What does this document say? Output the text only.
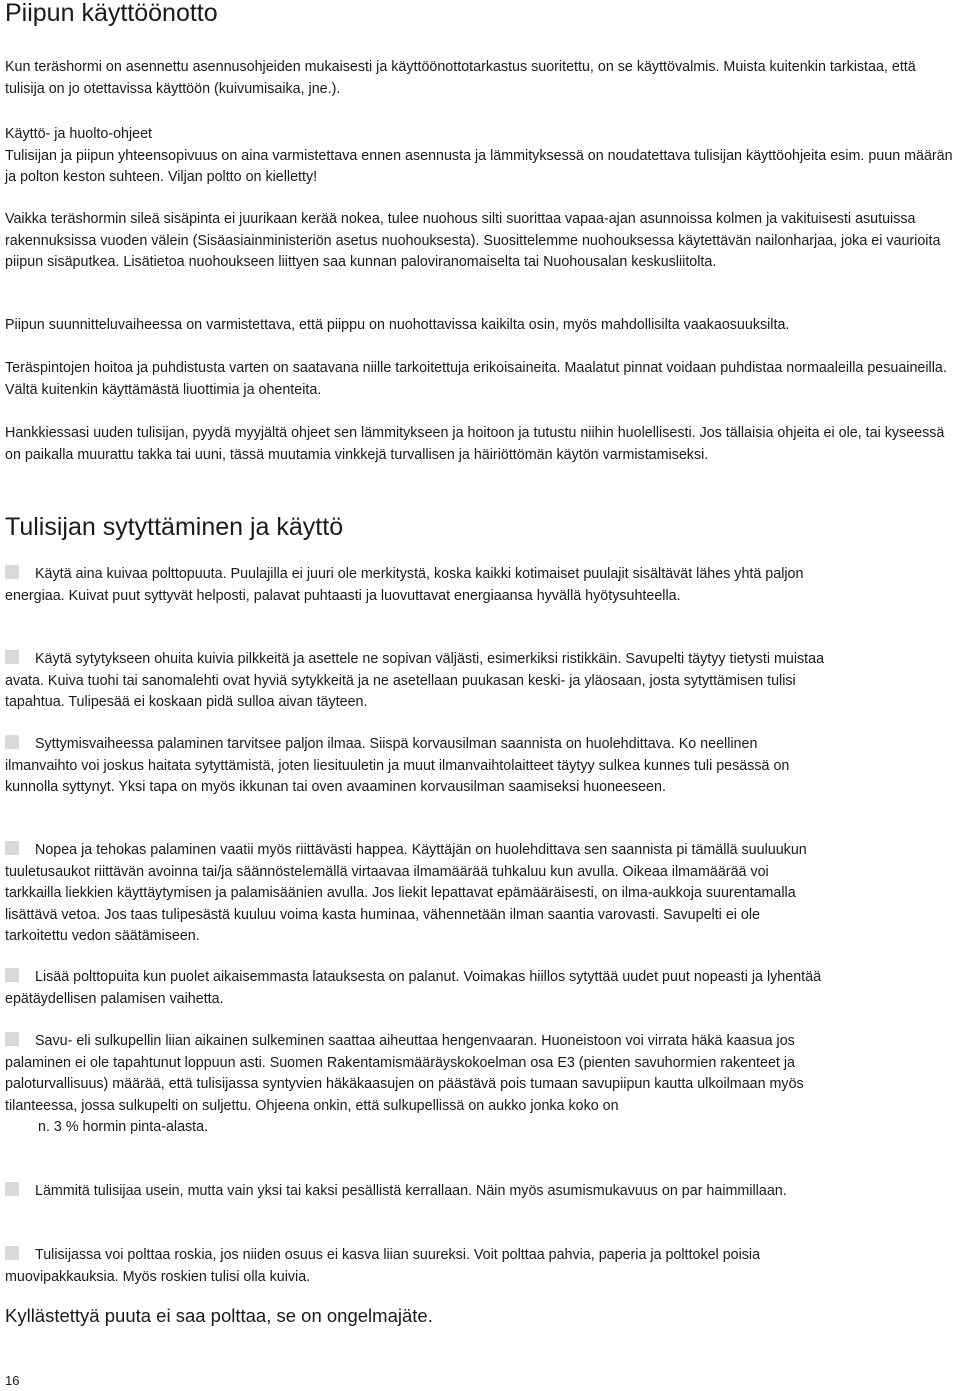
Piipun käyttöönotto

Kun teräshormi on asennettu asennusohjeiden mukaisesti ja käyttöönottotarkastus suoritettu, on se käyttövalmis. Muista kuitenkin tarkistaa, että tulisija on jo otettavissa käyttöön (kuivumisaika, jne.).

Käyttö- ja huolto-ohjeet
Tulisijan ja piipun yhteensopivuus on aina varmistettava ennen asennusta ja lämmityksessä on noudatettava tulisijan käyttöohjeita esim. puun määrän ja polton keston suhteen. Viljan poltto on kielletty!

Vaikka teräshormin sileä sisäpinta ei juurikaan kerää nokea, tulee nuohous silti suorittaa vapaa-ajan asunnoissa kolmen ja vakituisesti asutuissa rakennuksissa vuoden välein (Sisäasiainministeriön asetus nuohouksesta). Suosittelemme nuohouksessa käytettävän nailonharjaa, joka ei vaurioita piipun sisäputkea. Lisätietoa nuohoukseen liittyen saa kunnan paloviranomaiselta tai Nuohousalan keskusliitolta.

Piipun suunnitteluvaiheessa on varmistettava, että piippu on nuohottavissa kaikilta osin, myös mahdollisilta vaakaosuuksilta.

Teräspintojen hoitoa ja puhdistusta varten on saatavana niille tarkoitettuja erikoisaineita. Maalatut pinnat voidaan puhdistaa normaaleilla pesuaineilla. Vältä kuitenkin käyttämästä liuottimia ja ohenteita.

Hankkiessasi uuden tulisijan, pyydä myyjältä ohjeet sen lämmitykseen ja hoitoon ja tutustu niihin huolellisesti. Jos tällaisia ohjeita ei ole, tai kyseessä on paikalla muurattu takka tai uuni, tässä muutamia vinkkejä turvallisen ja häiriöttömän käytön varmistamiseksi.

Tulisijan sytyttäminen ja käyttö

Käytä aina kuivaa polttopuuta. Puulajilla ei juuri ole merkitystä, koska kaikki kotimaiset puulajit sisältävät lähes yhtä paljon energiaa. Kuivat puut syttyvät helposti, palavat puhtaasti ja luovuttavat energiaansa hyvällä hyötysuhteella.

Käytä sytytykseen ohuita kuivia pilkkeitä ja asettele ne sopivan väljästi, esimerkiksi ristikkäin. Savupelti täytyy tietysti muistaa avata. Kuiva tuohi tai sanomalehti ovat hyviä sytykkeitä ja ne asetellaan puukasan keski- ja yläosaan, josta sytyttämisen tulisi tapahtua. Tulipesää ei koskaan pidä sulloa aivan täyteen.

Syttymisvaiheessa palaminen tarvitsee paljon ilmaa. Siispä korvausilman saannista on huolehdittava. Ko neellinen ilmanvaihto voi joskus haitata sytyttämistä, joten liesituuletin ja muut ilmanvaihtolaitteet täytyy sulkea kunnes tuli pesässä on kunnolla syttynyt. Yksi tapa on myös ikkunan tai oven avaaminen korvausilman saamiseksi huoneeseen.

Nopea ja tehokas palaminen vaatii myös riittävästi happea. Käyttäjän on huolehdittava sen saannista pi tämällä suuluukun tuuletusaukot riittävän avoinna tai/ja säännöstelemällä virtaavaa ilmamäärää tuhkaluu kun avulla. Oikeaa ilmamäärää voi tarkkailla liekkien käyttäytymisen ja palamisäänien avulla. Jos liekit lepattavat epämääräisesti, on ilma-aukkoja suurentamalla lisättävä vetoa. Jos taas tulipesästä kuuluu voima kasta huminaa, vähennetään ilman saantia varovasti. Savupelti ei ole tarkoitettu vedon säätämiseen.

Lisää polttopuita kun puolet aikaisemmasta latauksesta on palanut. Voimakas hiillos sytyttää uudet puut nopeasti ja lyhentää epätäydellisen palamisen vaihetta.

Savu- eli sulkupellin liian aikainen sulkeminen saattaa aiheuttaa hengenvaaran. Huoneistoon voi virrata häkä kaasua jos palaminen ei ole tapahtunut loppuun asti. Suomen Rakentamismääräyskokoelman osa E3 (pienten savuhormien rakenteet ja paloturvallisuus) määrää, että tulisijassa syntyvien häkäkaasujen on päästävä pois tumaan savupiipun kautta ulkoilmaan myös tilanteessa, jossa sulkupelti on suljettu. Ohjeena onkin, että sulkupellissä on aukko jonka koko on
n. 3 % hormin pinta-alasta.

Lämmitä tulisijaa usein, mutta vain yksi tai kaksi pesällistä kerrallaan. Näin myös asumismukavuus on par haimmillaan.

Tulisijassa voi polttaa roskia, jos niiden osuus ei kasva liian suureksi. Voit polttaa pahvia, paperia ja polttokel poisia muovipakkauksia. Myös roskien tulisi olla kuivia.

Kyllästettyä puuta ei saa polttaa, se on ongelmajäte.

16
